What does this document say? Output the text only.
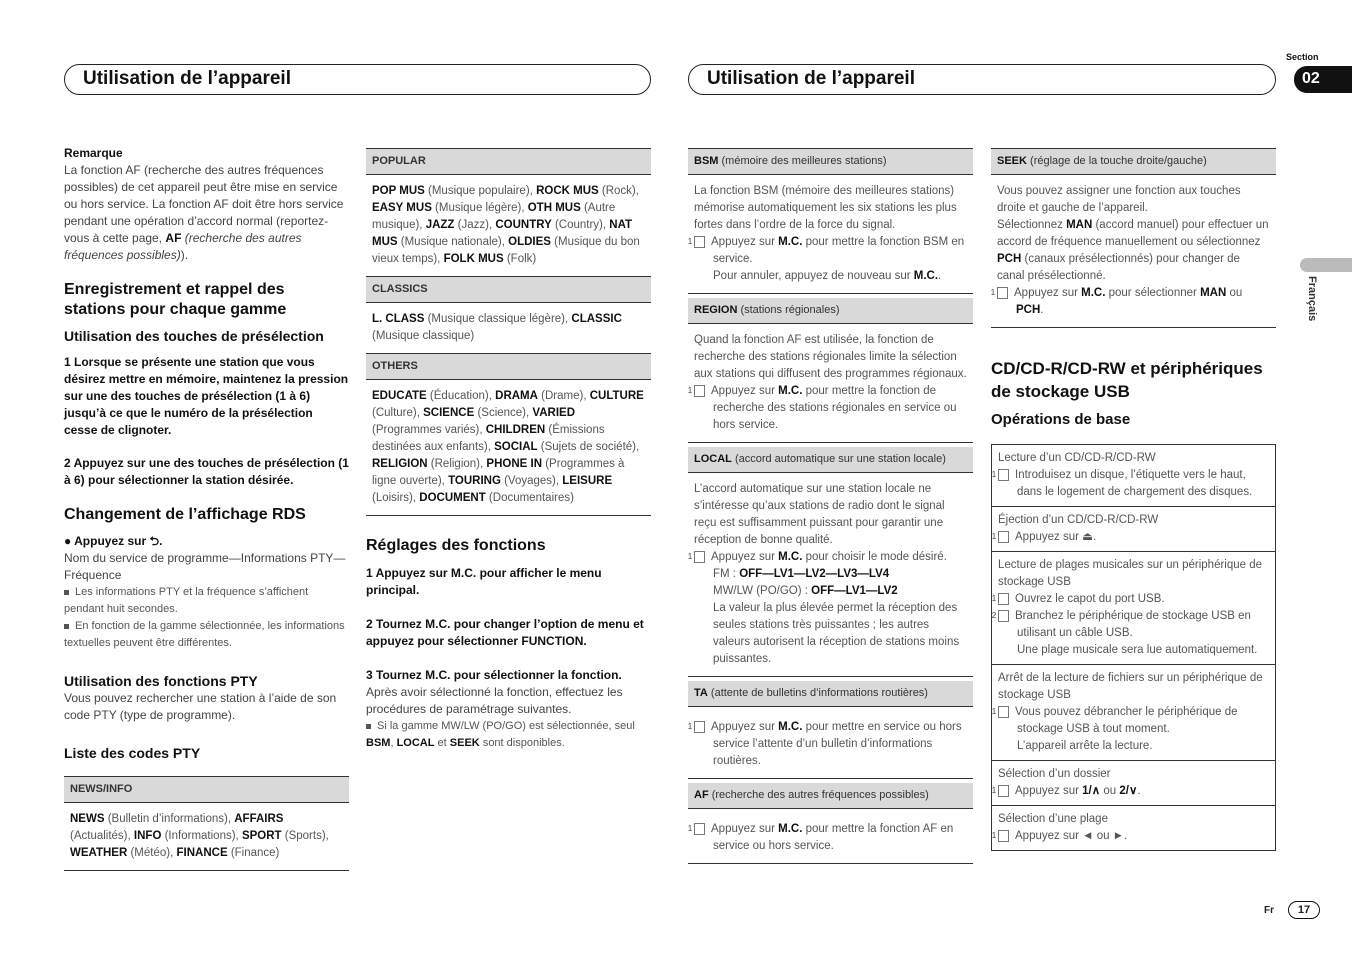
Utilisation de l’appareil	Utilisation de l’appareil
Section
02
Français
Fr	17

Remarque

La fonction AF (recherche des autres fréquences possibles) de cet appareil peut être mise en service ou hors service. La fonction AF doit être hors service pendant une opération d’accord normal (reportez-vous à cette page, AF (recherche des autres fréquences possibles)).

Enregistrement et rappel des stations pour chaque gamme

Utilisation des touches de présélection

1 Lorsque se présente une station que vous désirez mettre en mémoire, maintenez la pression sur une des touches de présélection (1 à 6) jusqu’à ce que le numéro de la présélection cesse de clignoter.

2 Appuyez sur une des touches de présélection (1 à 6) pour sélectionner la station désirée.

Changement de l’affichage RDS

● Appuyez sur ⮌.

Nom du service de programme—Informations PTY—Fréquence

Les informations PTY et la fréquence s’affichent pendant huit secondes.

En fonction de la gamme sélectionnée, les informations textuelles peuvent être différentes.

Utilisation des fonctions PTY

Vous pouvez rechercher une station à l’aide de son code PTY (type de programme).

Liste des codes PTY

NEWS/INFO
NEWS (Bulletin d’informations), AFFAIRS (Actualités), INFO (Informations), SPORT (Sports), WEATHER (Météo), FINANCE (Finance)
POPULAR
POP MUS (Musique populaire), ROCK MUS (Rock), EASY MUS (Musique légère), OTH MUS (Autre musique), JAZZ (Jazz), COUNTRY (Country), NAT MUS (Musique nationale), OLDIES (Musique du bon vieux temps), FOLK MUS (Folk)
CLASSICS
L. CLASS (Musique classique légère), CLASSIC (Musique classique)
OTHERS
EDUCATE (Éducation), DRAMA (Drame), CULTURE (Culture), SCIENCE (Science), VARIED (Programmes variés), CHILDREN (Émissions destinées aux enfants), SOCIAL (Sujets de société), RELIGION (Religion), PHONE IN (Programmes à ligne ouverte), TOURING (Voyages), LEISURE (Loisirs), DOCUMENT (Documentaires)

Réglages des fonctions

1 Appuyez sur M.C. pour afficher le menu principal.

2 Tournez M.C. pour changer l’option de menu et appuyez pour sélectionner FUNCTION.

3 Tournez M.C. pour sélectionner la fonction.

Après avoir sélectionné la fonction, effectuez les procédures de paramétrage suivantes.

Si la gamme MW/LW (PO/GO) est sélectionnée, seul BSM, LOCAL et SEEK sont disponibles.

BSM (mémoire des meilleures stations)

La fonction BSM (mémoire des meilleures stations) mémorise automatiquement les six stations les plus fortes dans l’ordre de la force du signal.

1 Appuyez sur M.C. pour mettre la fonction BSM en service.

Pour annuler, appuyez de nouveau sur M.C..

REGION (stations régionales)

Quand la fonction AF est utilisée, la fonction de recherche des stations régionales limite la sélection aux stations qui diffusent des programmes régionaux.

1 Appuyez sur M.C. pour mettre la fonction de recherche des stations régionales en service ou hors service.

LOCAL (accord automatique sur une station locale)

L’accord automatique sur une station locale ne s’intéresse qu’aux stations de radio dont le signal reçu est suffisamment puissant pour garantir une réception de bonne qualité.

1 Appuyez sur M.C. pour choisir le mode désiré.

FM : OFF—LV1—LV2—LV3—LV4

MW/LW (PO/GO) : OFF—LV1—LV2

La valeur la plus élevée permet la réception des seules stations très puissantes ; les autres valeurs autorisent la réception de stations moins puissantes.

TA (attente de bulletins d’informations routières)

1 Appuyez sur M.C. pour mettre en service ou hors service l’attente d’un bulletin d’informations routières.

AF (recherche des autres fréquences possibles)

1 Appuyez sur M.C. pour mettre la fonction AF en service ou hors service.

SEEK (réglage de la touche droite/gauche)

Vous pouvez assigner une fonction aux touches droite et gauche de l’appareil.

Sélectionnez MAN (accord manuel) pour effectuer un accord de fréquence manuellement ou sélectionnez PCH (canaux présélectionnés) pour changer de canal présélectionné.

1 Appuyez sur M.C. pour sélectionner MAN ou PCH.

CD/CD-R/CD-RW et périphériques de stockage USB

Opérations de base

Lecture d’un CD/CD-R/CD-RW

1 Introduisez un disque, l’étiquette vers le haut, dans le logement de chargement des disques.

Éjection d’un CD/CD-R/CD-RW

1 Appuyez sur ⏏.

Lecture de plages musicales sur un périphérique de stockage USB

1 Ouvrez le capot du port USB.

2 Branchez le périphérique de stockage USB en utilisant un câble USB.

Une plage musicale sera lue automatiquement.

Arrêt de la lecture de fichiers sur un périphérique de stockage USB

1 Vous pouvez débrancher le périphérique de stockage USB à tout moment.

L’appareil arrête la lecture.

Sélection d’un dossier

1 Appuyez sur 1/∧ ou 2/∨.

Sélection d’une plage

1 Appuyez sur ◄ ou ►.
